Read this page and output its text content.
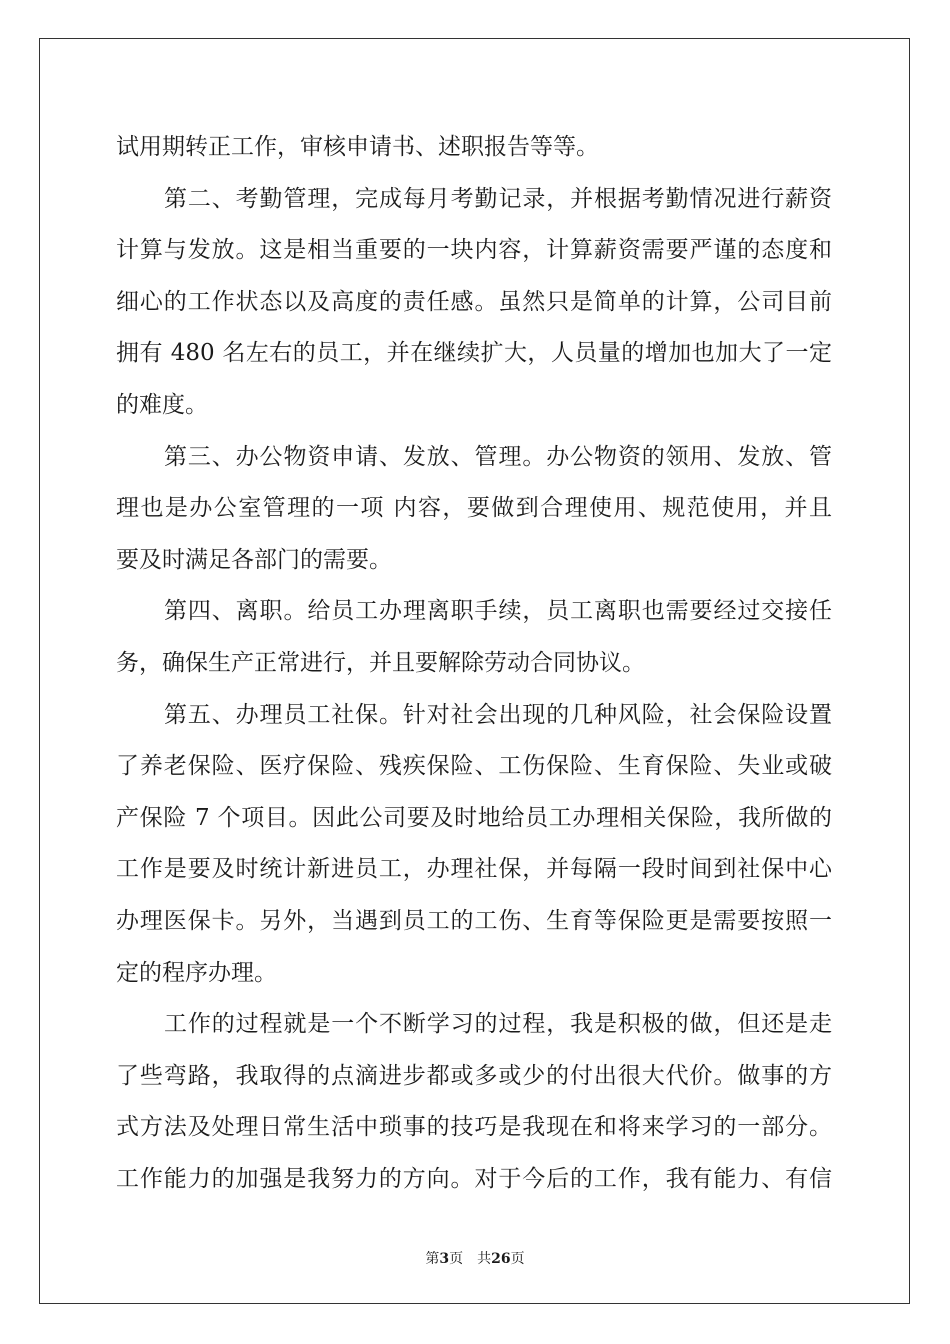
试用期转正工作，审核申请书、述职报告等等。
第二、考勤管理，完成每月考勤记录，并根据考勤情况进行薪资
计算与发放。这是相当重要的一块内容，计算薪资需要严谨的态度和
细心的工作状态以及高度的责任感。虽然只是简单的计算，公司目前
拥有 480 名左右的员工，并在继续扩大，人员量的增加也加大了一定
的难度。
第三、办公物资申请、发放、管理。办公物资的领用、发放、管
理也是办公室管理的一项 内容，要做到合理使用、规范使用，并且
要及时满足各部门的需要。
第四、离职。给员工办理离职手续，员工离职也需要经过交接任
务，确保生产正常进行，并且要解除劳动合同协议。
第五、办理员工社保。针对社会出现的几种风险，社会保险设置
了养老保险、医疗保险、残疾保险、工伤保险、生育保险、失业或破
产保险 7 个项目。因此公司要及时地给员工办理相关保险，我所做的
工作是要及时统计新进员工，办理社保，并每隔一段时间到社保中心
办理医保卡。另外，当遇到员工的工伤、生育等保险更是需要按照一
定的程序办理。
工作的过程就是一个不断学习的过程，我是积极的做，但还是走
了些弯路，我取得的点滴进步都或多或少的付出很大代价。做事的方
式方法及处理日常生活中琐事的技巧是我现在和将来学习的一部分。
工作能力的加强是我努力的方向。对于今后的工作，我有能力、有信
第3页 共26页
